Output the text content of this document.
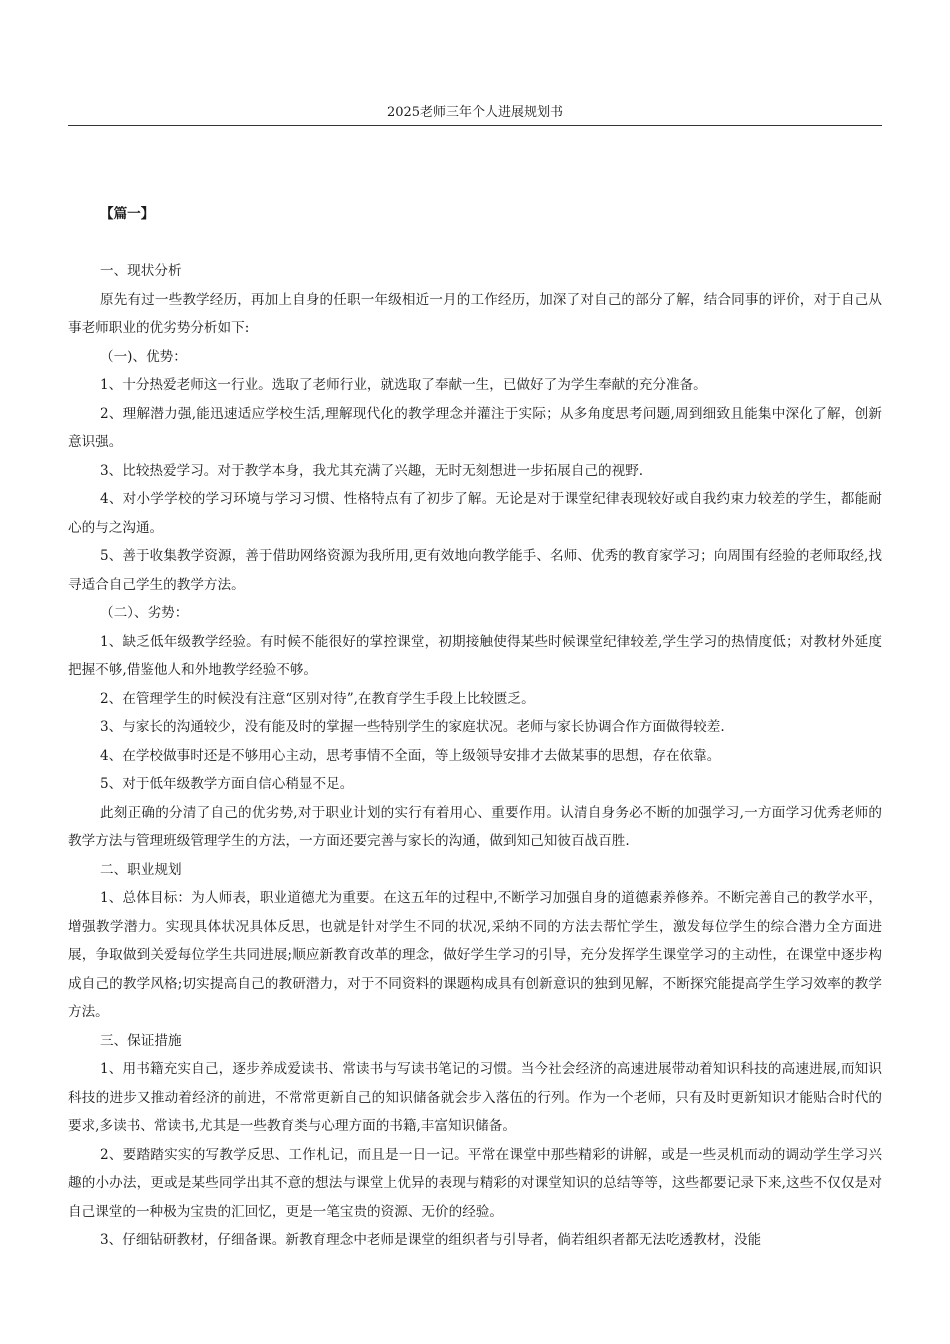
2025老师三年个人进展规划书
【篇一】

一、现状分析

原先有过一些教学经历，再加上自身的任职一年级相近一月的工作经历，加深了对自己的部分了解，结合同事的评价，对于自己从事老师职业的优劣势分析如下:

（一)、优势：

1、十分热爱老师这一行业。选取了老师行业，就选取了奉献一生，已做好了为学生奉献的充分准备。

2、理解潜力强,能迅速适应学校生活,理解现代化的教学理念并灌注于实际；从多角度思考问题,周到细致且能集中深化了解，创新意识强。

3、比较热爱学习。对于教学本身，我尤其充满了兴趣，无时无刻想进一步拓展自己的视野.

4、对小学学校的学习环境与学习习惯、性格特点有了初步了解。无论是对于课堂纪律表现较好或自我约束力较差的学生，都能耐心的与之沟通。

5、善于收集教学资源，善于借助网络资源为我所用,更有效地向教学能手、名师、优秀的教育家学习；向周围有经验的老师取经,找寻适合自己学生的教学方法。

（二）、劣势：

1、缺乏低年级教学经验。有时候不能很好的掌控课堂，初期接触使得某些时候课堂纪律较差,学生学习的热情度低；对教材外延度把握不够,借鉴他人和外地教学经验不够。

2、在管理学生的时候没有注意“区别对待”,在教育学生手段上比较匮乏。

3、与家长的沟通较少，没有能及时的掌握一些特别学生的家庭状况。老师与家长协调合作方面做得较差.

4、在学校做事时还是不够用心主动，思考事情不全面，等上级领导安排才去做某事的思想，存在依靠。

5、对于低年级教学方面自信心稍显不足。

此刻正确的分清了自己的优劣势,对于职业计划的实行有着用心、重要作用。认清自身务必不断的加强学习,一方面学习优秀老师的教学方法与管理班级管理学生的方法，一方面还要完善与家长的沟通，做到知己知彼百战百胜.

二、职业规划

1、总体目标：为人师表，职业道德尤为重要。在这五年的过程中,不断学习加强自身的道德素养修养。不断完善自己的教学水平，增强教学潜力。实现具体状况具体反思，也就是针对学生不同的状况,采纳不同的方法去帮忙学生，激发每位学生的综合潜力全方面进展，争取做到关爱每位学生共同进展;顺应新教育改革的理念，做好学生学习的引导，充分发挥学生课堂学习的主动性，在课堂中逐步构成自己的教学风格;切实提高自己的教研潜力，对于不同资料的课题构成具有创新意识的独到见解，不断探究能提高学生学习效率的教学方法。

三、保证措施

1、用书籍充实自己，逐步养成爱读书、常读书与写读书笔记的习惯。当今社会经济的高速进展带动着知识科技的高速进展,而知识科技的进步又推动着经济的前进，不常常更新自己的知识储备就会步入落伍的行列。作为一个老师，只有及时更新知识才能贴合时代的要求,多读书、常读书,尤其是一些教育类与心理方面的书籍,丰富知识储备。

2、要踏踏实实的写教学反思、工作札记，而且是一日一记。平常在课堂中那些精彩的讲解，或是一些灵机而动的调动学生学习兴趣的小办法，更或是某些同学出其不意的想法与课堂上优异的表现与精彩的对课堂知识的总结等等，这些都要记录下来,这些不仅仅是对自己课堂的一种极为宝贵的汇回忆，更是一笔宝贵的资源、无价的经验。

3、仔细钻研教材，仔细备课。新教育理念中老师是课堂的组织者与引导者，倘若组织者都无法吃透教材，没能
